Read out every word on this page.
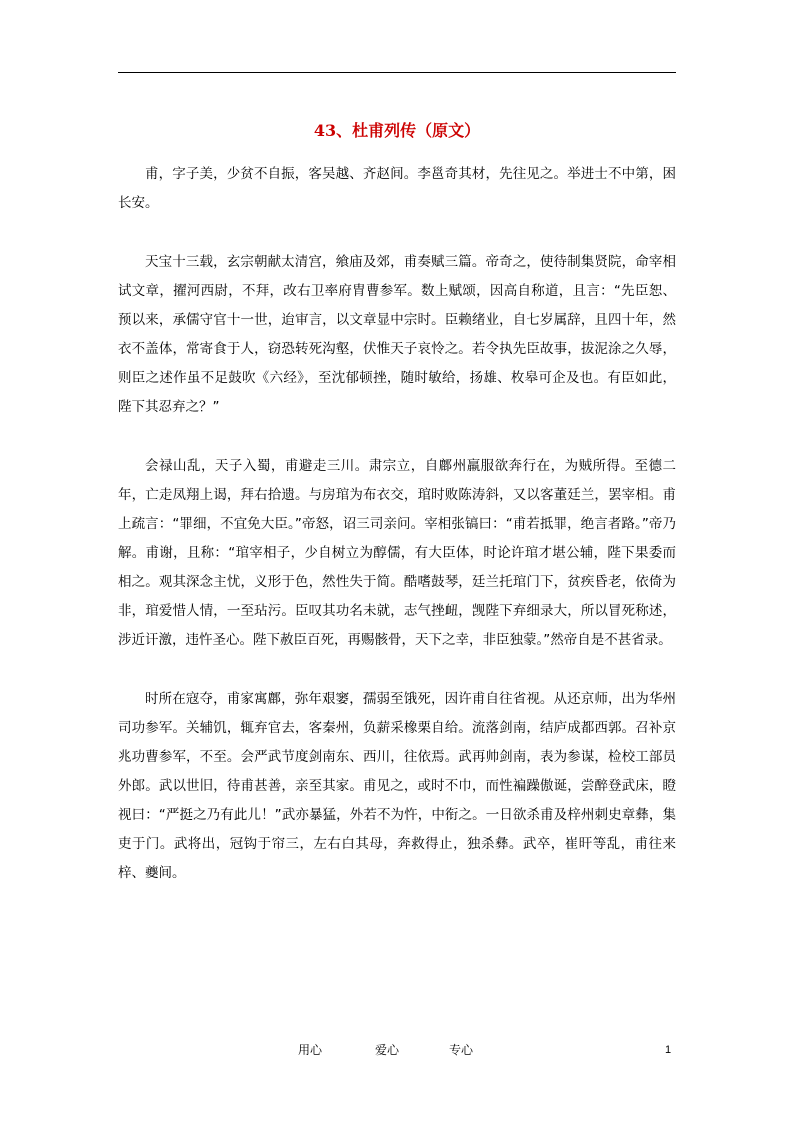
43、杜甫列传（原文）

甫，字子美，少贫不自振，客吴越、齐赵间。李邕奇其材，先往见之。举进士不中第，困长安。

天宝十三载，玄宗朝献太清宫，飨庙及郊，甫奏赋三篇。帝奇之，使待制集贤院，命宰相试文章，擢河西尉，不拜，改右卫率府胄曹参军。数上赋颂，因高自称道，且言：“先臣恕、预以来，承儒守官十一世，迨审言，以文章显中宗时。臣赖绪业，自七岁属辞，且四十年，然衣不盖体，常寄食于人，窃恐转死沟壑，伏惟天子哀怜之。若令执先臣故事，拔泥涂之久辱，则臣之述作虽不足鼓吹《六经》，至沈郁顿挫，随时敏给，扬雄、枚皋可企及也。有臣如此，陛下其忍弃之？”

会禄山乱，天子入蜀，甫避走三川。肃宗立，自鄜州羸服欲奔行在，为贼所得。至德二年，亡走凤翔上谒，拜右拾遗。与房琯为布衣交，琯时败陈涛斜，又以客董廷兰，罢宰相。甫上疏言：“罪细，不宜免大臣。”帝怒，诏三司亲问。宰相张镐曰：“甫若抵罪，绝言者路。”帝乃解。甫谢，且称：“琯宰相子，少自树立为醇儒，有大臣体，时论许琯才堪公辅，陛下果委而相之。观其深念主忧，义形于色，然性失于简。酷嗜鼓琴，廷兰托琯门下，贫疾昏老，依倚为非，琯爱惜人情，一至玷污。臣叹其功名未就，志气挫衄，觊陛下弃细录大，所以冒死称述，涉近讦激，违忤圣心。陛下赦臣百死，再赐骸骨，天下之幸，非臣独蒙。”然帝自是不甚省录。

时所在寇夺，甫家寓鄜，弥年艰窭，孺弱至饿死，因许甫自往省视。从还京师，出为华州司功参军。关辅饥，辄弃官去，客秦州，负薪采橡栗自给。流落剑南，结庐成都西郭。召补京兆功曹参军，不至。会严武节度剑南东、西川，往依焉。武再帅剑南，表为参谋，检校工部员外郎。武以世旧，待甫甚善，亲至其家。甫见之，或时不巾，而性褊躁傲诞，尝醉登武床，瞪视曰：“严挺之乃有此儿！”武亦暴猛，外若不为忤，中衔之。一日欲杀甫及梓州刺史章彝，集吏于门。武将出，冠钩于帘三，左右白其母，奔救得止，独杀彝。武卒，崔旰等乱，甫往来梓、夔间。

用心	爱心	专心	1
